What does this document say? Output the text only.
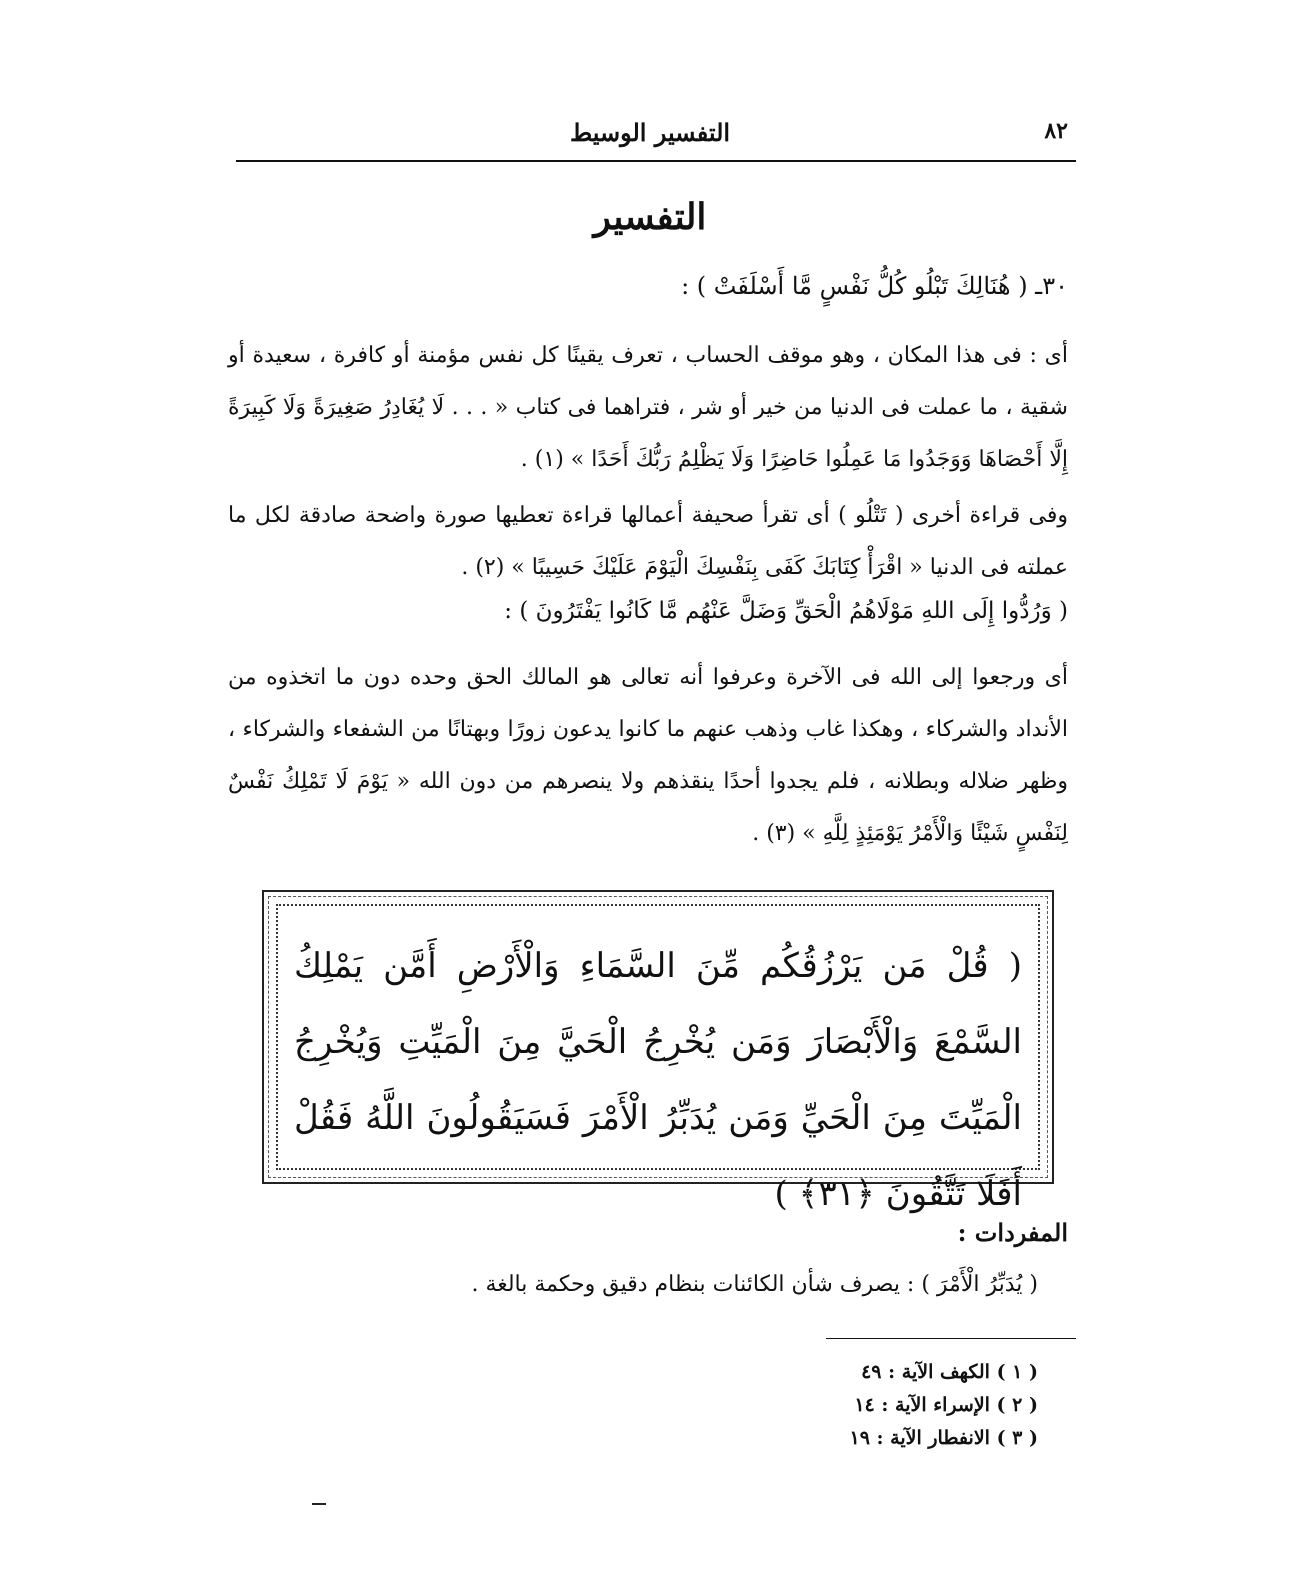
٨٢
التفسير الوسيط
التفسير
٣٠ـ ( هُنَالِكَ تَبْلُو كُلُّ نَفْسٍ مَّا أَسْلَفَتْ ) :
أى : فى هذا المكان ، وهو موقف الحساب ، تعرف يقينًا كل نفس مؤمنة أو كافرة ، سعيدة أو شقية ، ما عملت فى الدنيا من خير أو شر ، فتراهما فى كتاب « . . . لَا يُغَادِرُ صَغِيرَةً وَلَا كَبِيرَةً إِلَّا أَحْصَاهَا وَوَجَدُوا مَا عَمِلُوا حَاضِرًا وَلَا يَظْلِمُ رَبُّكَ أَحَدًا » (١) .
وفى قراءة أخرى ( تَتْلُو ) أى تقرأ صحيفة أعمالها قراءة تعطيها صورة واضحة صادقة لكل ما عملته فى الدنيا « اقْرَأْ كِتَابَكَ كَفَى بِنَفْسِكَ الْيَوْمَ عَلَيْكَ حَسِيبًا » (٢) .
( وَرُدُّوا إِلَى اللهِ مَوْلَاهُمُ الْحَقِّ وَضَلَّ عَنْهُم مَّا كَانُوا يَفْتَرُونَ ) :
أى ورجعوا إلى الله فى الآخرة وعرفوا أنه تعالى هو المالك الحق وحده دون ما اتخذوه من الأنداد والشركاء ، وهكذا غاب وذهب عنهم ما كانوا يدعون زورًا وبهتانًا من الشفعاء والشركاء ، وظهر ضلاله وبطلانه ، فلم يجدوا أحدًا ينقذهم ولا ينصرهم من دون الله « يَوْمَ لَا تَمْلِكُ نَفْسٌ لِنَفْسٍ شَيْئًا وَالْأَمْرُ يَوْمَئِذٍ لِلَّهِ » (٣) .
( قُلْ مَن يَرْزُقُكُم مِّنَ السَّمَاءِ وَالْأَرْضِ أَمَّن يَمْلِكُ السَّمْعَ وَالْأَبْصَارَ وَمَن يُخْرِجُ الْحَيَّ مِنَ الْمَيِّتِ وَيُخْرِجُ الْمَيِّتَ مِنَ الْحَيِّ وَمَن يُدَبِّرُ الْأَمْرَ فَسَيَقُولُونَ اللَّهُ فَقُلْ أَفَلَا تَتَّقُونَ ﴿٣١﴾ )
المفردات :
( يُدَبِّرُ الْأَمْرَ ) : يصرف شأن الكائنات بنظام دقيق وحكمة بالغة .
( ١ ) الكهف الآية : ٤٩
( ٢ ) الإسراء الآية : ١٤
( ٣ ) الانفطار الآية : ١٩
